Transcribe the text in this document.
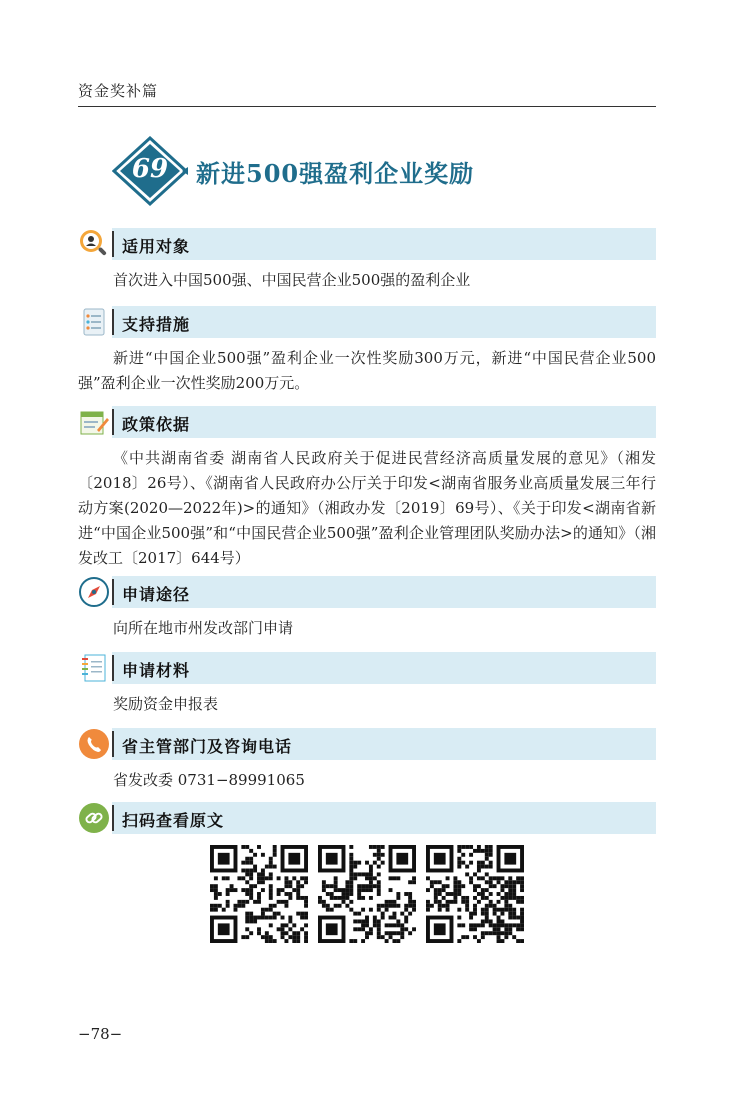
资金奖补篇
69	新进500强盈利企业奖励
适用对象
首次进入中国500强、中国民营企业500强的盈利企业
支持措施
新进“中国企业500强”盈利企业一次性奖励300万元，新进“中国民营企业500强”盈利企业一次性奖励200万元。
政策依据
《中共湖南省委 湖南省人民政府关于促进民营经济高质量发展的意见》（湘发〔2018〕26号）、《湖南省人民政府办公厅关于印发<湖南省服务业高质量发展三年行动方案(2020—2022年)>的通知》（湘政办发〔2019〕69号）、《关于印发<湖南省新进“中国企业500强”和“中国民营企业500强”盈利企业管理团队奖励办法>的通知》（湘发改工〔2017〕644号）
申请途径
向所在地市州发改部门申请
申请材料
奖励资金申报表
省主管部门及咨询电话
省发改委 0731−89991065
扫码查看原文
−78−
